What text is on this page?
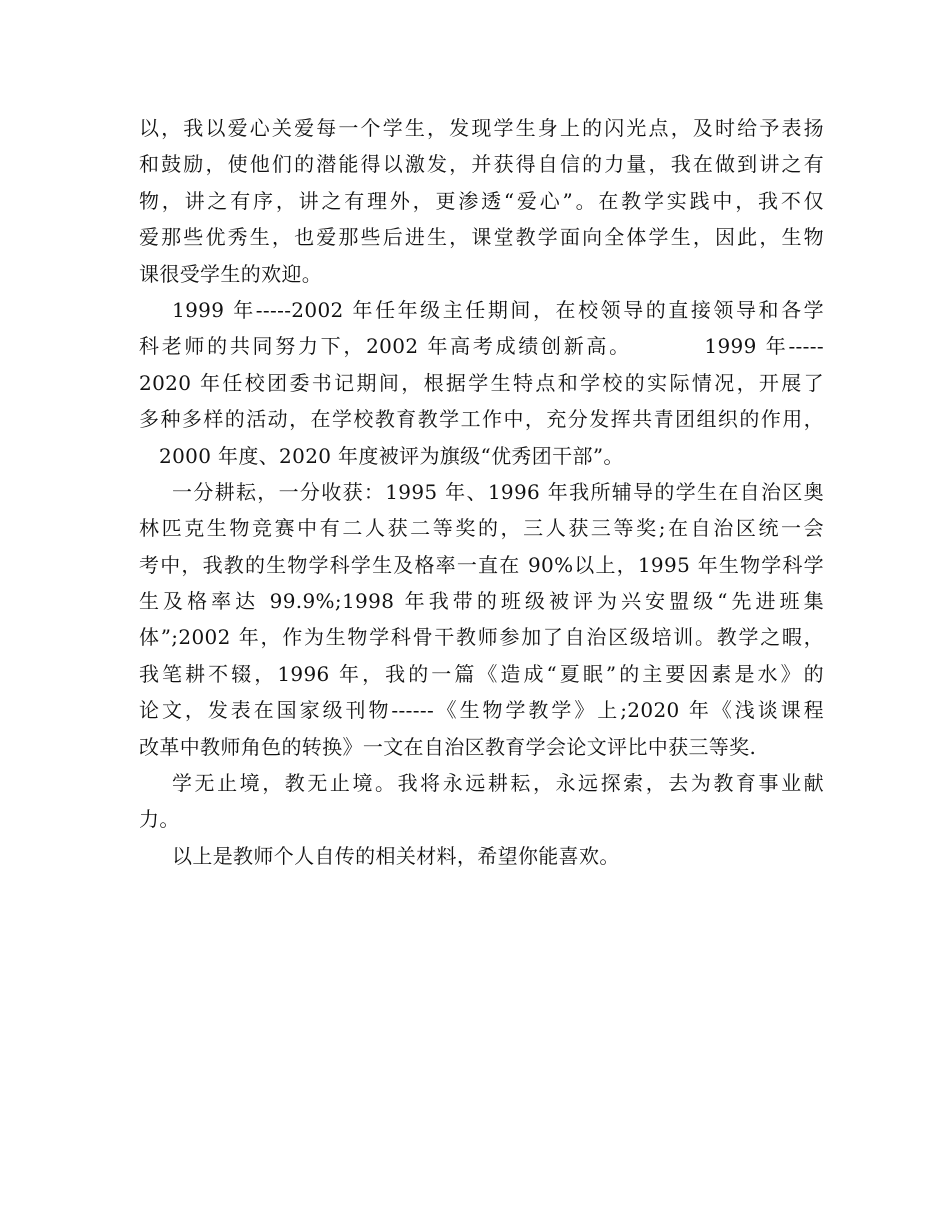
以，我以爱心关爱每一个学生，发现学生身上的闪光点，及时给予表扬
和鼓励，使他们的潜能得以激发，并获得自信的力量，我在做到讲之有
物，讲之有序，讲之有理外，更渗透“爱心”。在教学实践中，我不仅
爱那些优秀生，也爱那些后进生，课堂教学面向全体学生，因此，生物
课很受学生的欢迎。
1999 年-----2002 年任年级主任期间，在校领导的直接领导和各学
科老师的共同努力下，2002 年高考成绩创新高。        1999 年-----
2020 年任校团委书记期间，根据学生特点和学校的实际情况，开展了
多种多样的活动，在学校教育教学工作中，充分发挥共青团组织的作用，
2000 年度、2020 年度被评为旗级“优秀团干部”。
一分耕耘，一分收获：1995 年、1996 年我所辅导的学生在自治区奥
林匹克生物竞赛中有二人获二等奖的，三人获三等奖;在自治区统一会
考中，我教的生物学科学生及格率一直在 90%以上，1995 年生物学科学
生及格率达 99.9%;1998 年我带的班级被评为兴安盟级“先进班集
体”;2002 年，作为生物学科骨干教师参加了自治区级培训。教学之暇，
我笔耕不辍，1996 年，我的一篇《造成“夏眠”的主要因素是水》的
论文，发表在国家级刊物------《生物学教学》上;2020 年《浅谈课程
改革中教师角色的转换》一文在自治区教育学会论文评比中获三等奖.
学无止境，教无止境。我将永远耕耘，永远探索，去为教育事业献
力。
以上是教师个人自传的相关材料，希望你能喜欢。
